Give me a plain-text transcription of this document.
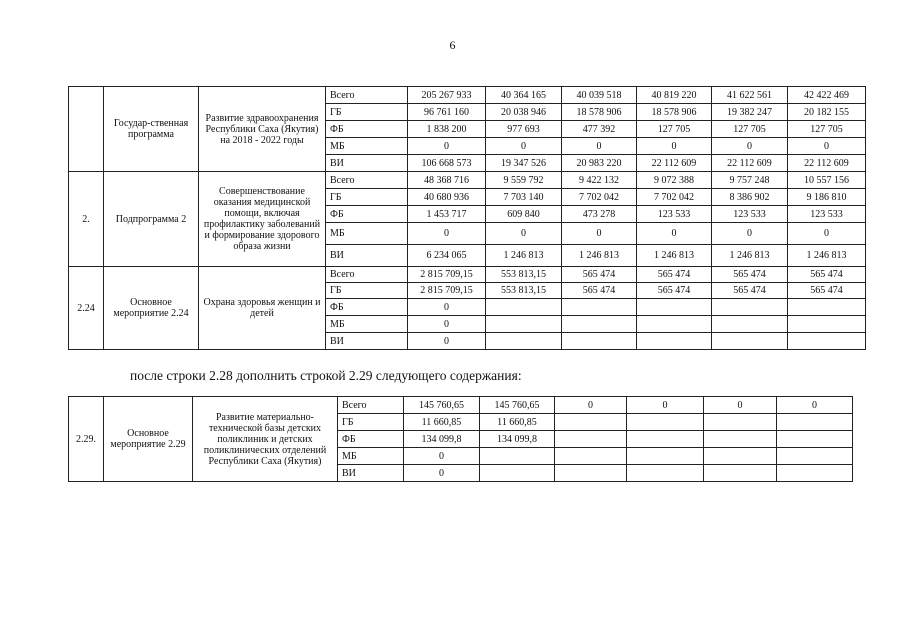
6
	Государ-ственная программа	Развитие здравоохранения Республики Саха (Якутия) на 2018 - 2022 годы	Всего	205 267 933	40 364 165	40 039 518	40 819 220	41 622 561	42 422 469
			ГБ	96 761 160	20 038 946	18 578 906	18 578 906	19 382 247	20 182 155
			ФБ	1 838 200	977 693	477 392	127 705	127 705	127 705
			МБ	0	0	0	0	0	0
			ВИ	106 668 573	19 347 526	20 983 220	22 112 609	22 112 609	22 112 609
2.	Подпрограмма 2	Совершенствование оказания медицинской помощи, включая профилактику заболеваний и формирование здорового образа жизни	Всего	48 368 716	9 559 792	9 422 132	9 072 388	9 757 248	10 557 156
			ГБ	40 680 936	7 703 140	7 702 042	7 702 042	8 386 902	9 186 810
			ФБ	1 453 717	609 840	473 278	123 533	123 533	123 533
			МБ	0	0	0	0	0	0
			ВИ	6 234 065	1 246 813	1 246 813	1 246 813	1 246 813	1 246 813
2.24	Основное мероприятие 2.24	Охрана здоровья женщин и детей	Всего	2 815 709,15	553 813,15	565 474	565 474	565 474	565 474
			ГБ	2 815 709,15	553 813,15	565 474	565 474	565 474	565 474
			ФБ	0					
			МБ	0					
			ВИ	0					
после строки 2.28 дополнить строкой 2.29 следующего содержания:
2.29.	Основное мероприятие 2.29	Развитие материально-технической базы детских поликлиник и детских поликлинических отделений Республики Саха (Якутия)	Всего	145 760,65	145 760,65	0	0	0	0
			ГБ	11 660,85	11 660,85				
			ФБ	134 099,8	134 099,8				
			МБ	0					
			ВИ	0					
